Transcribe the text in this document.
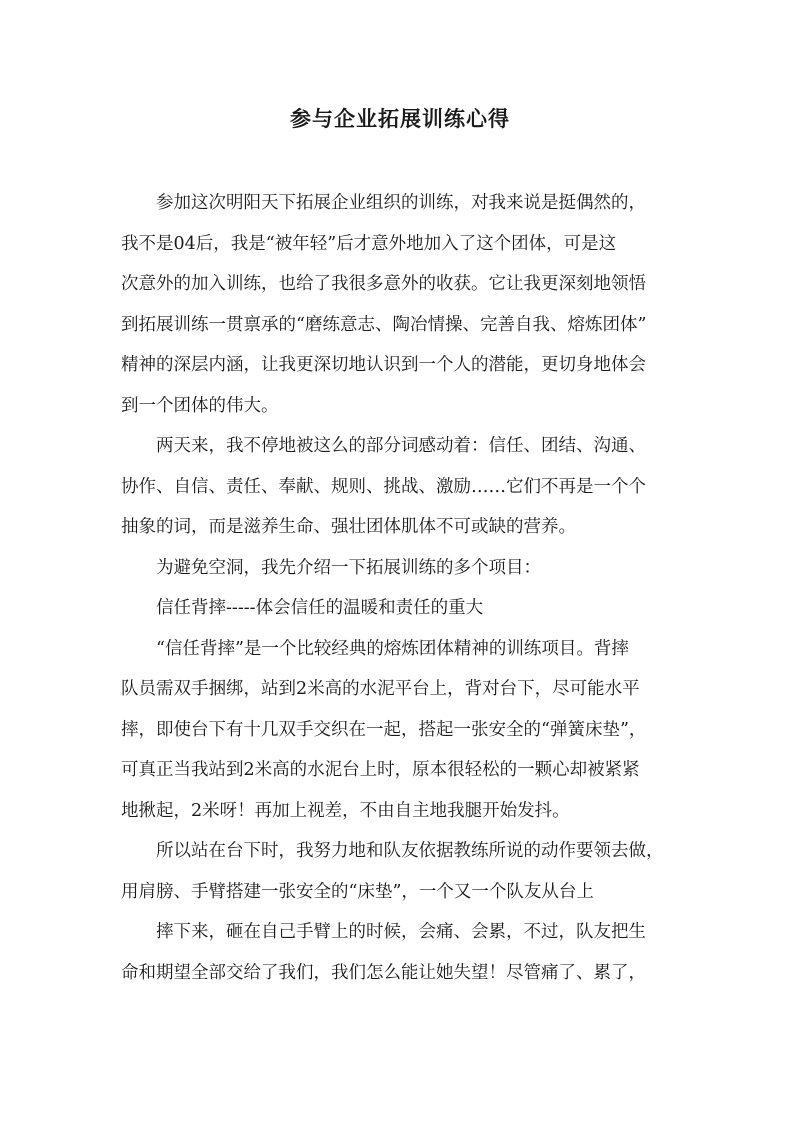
参与企业拓展训练心得
参加这次明阳天下拓展企业组织的训练，对我来说是挺偶然的，
我不是04后，我是“被年轻”后才意外地加入了这个团体，可是这
次意外的加入训练，也给了我很多意外的收获。它让我更深刻地领悟
到拓展训练一贯禀承的“磨练意志、陶冶情操、完善自我、熔炼团体”
精神的深层内涵，让我更深切地认识到一个人的潜能，更切身地体会
到一个团体的伟大。
两天来，我不停地被这么的部分词感动着：信任、团结、沟通、
协作、自信、责任、奉献、规则、挑战、激励……它们不再是一个个
抽象的词，而是滋养生命、强壮团体肌体不可或缺的营养。
为避免空洞，我先介绍一下拓展训练的多个项目：
信任背摔-----体会信任的温暖和责任的重大
“信任背摔”是一个比较经典的熔炼团体精神的训练项目。背摔
队员需双手捆绑，站到2米高的水泥平台上，背对台下，尽可能水平
摔，即使台下有十几双手交织在一起，搭起一张安全的“弹簧床垫”，
可真正当我站到2米高的水泥台上时，原本很轻松的一颗心却被紧紧
地揪起，2米呀！再加上视差，不由自主地我腿开始发抖。
所以站在台下时，我努力地和队友依据教练所说的动作要领去做，
用肩膀、手臂搭建一张安全的“床垫”，一个又一个队友从台上
摔下来，砸在自己手臂上的时候，会痛、会累，不过，队友把生
命和期望全部交给了我们，我们怎么能让她失望！尽管痛了、累了，
